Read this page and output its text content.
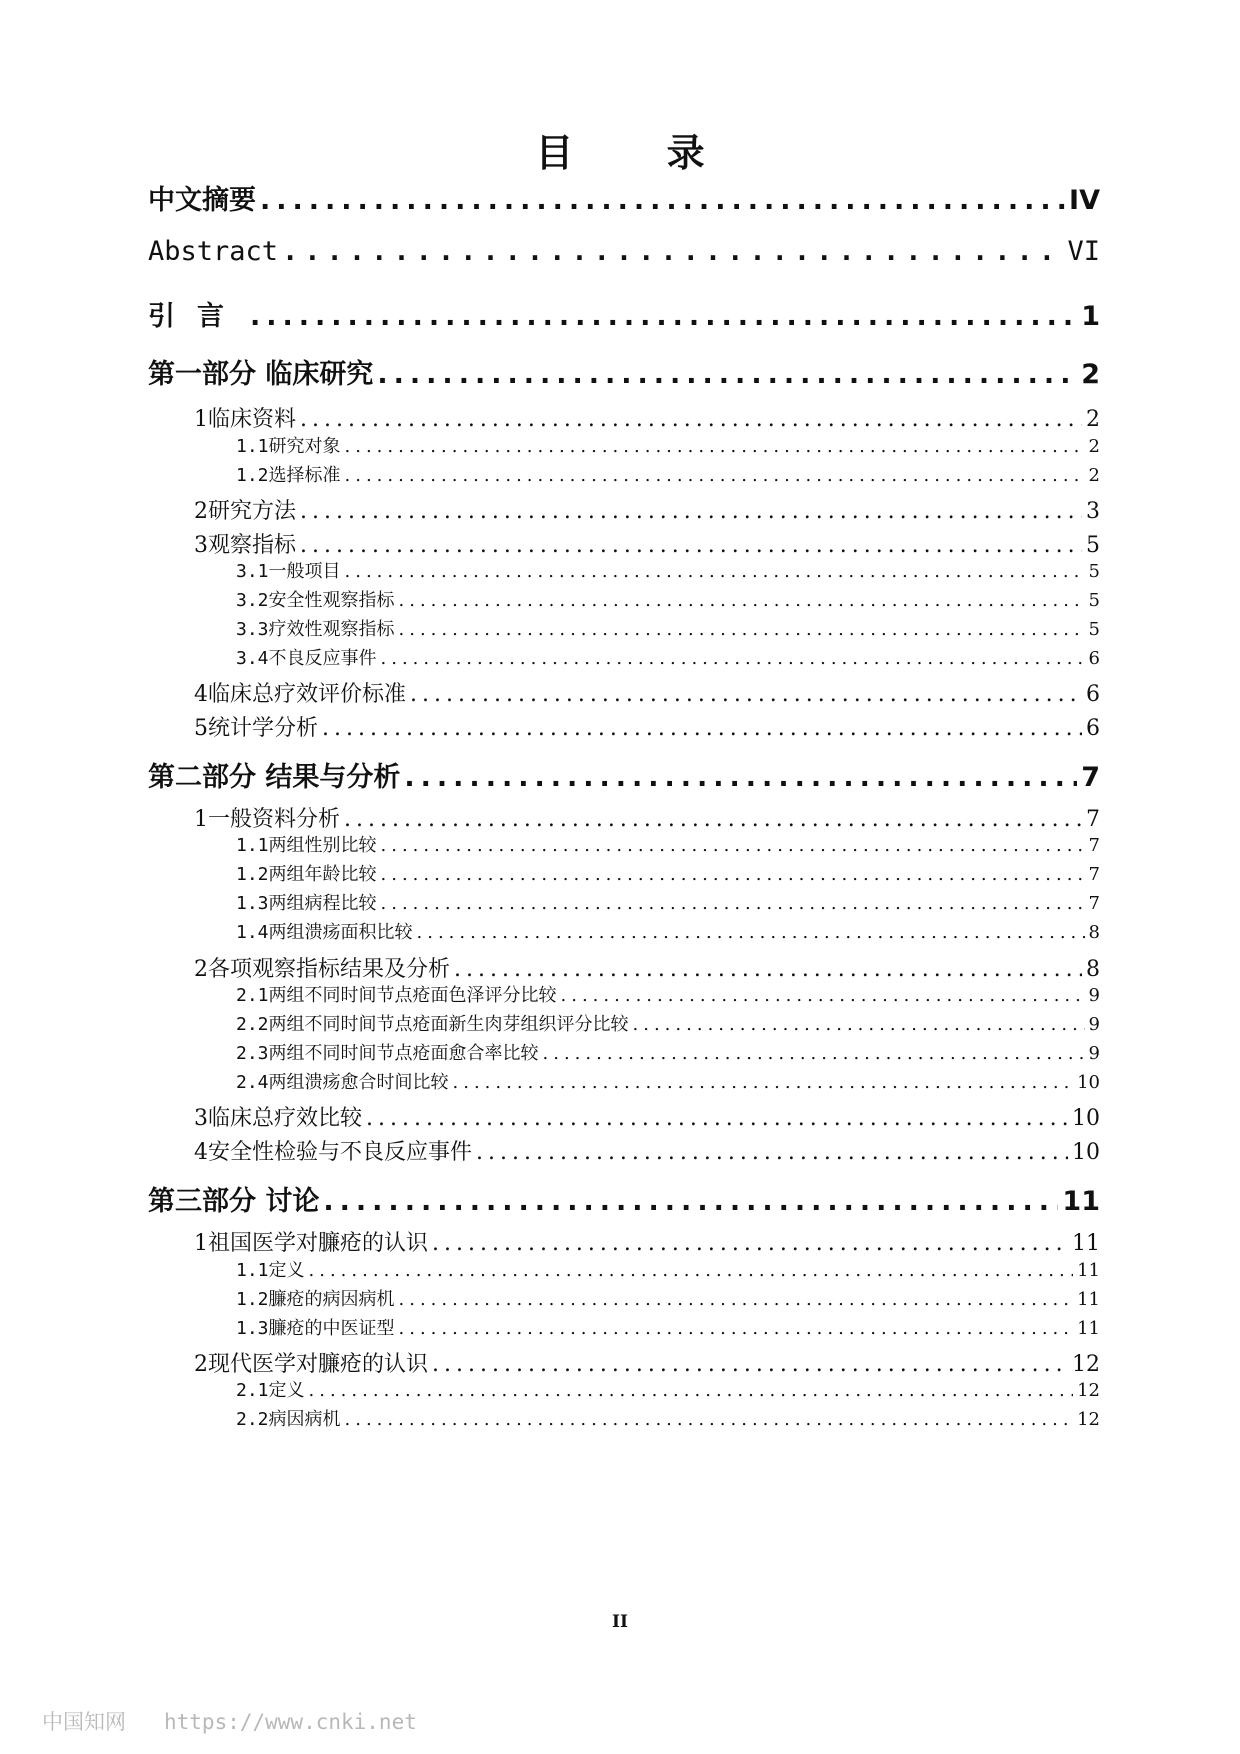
目 录
中文摘要 .....	IV
Abstract .....	VI
引言 .....	1
第一部分 临床研究 .....	2
1 临床资料 .....	2
1.1 研究对象 .....	2
1.2 选择标准 .....	2
2 研究方法 .....	3
3 观察指标 .....	5
3.1 一般项目 .....	5
3.2 安全性观察指标 .....	5
3.3 疗效性观察指标 .....	5
3.4 不良反应事件 .....	6
4 临床总疗效评价标准 .....	6
5 统计学分析 .....	6
第二部分 结果与分析 .....	7
1 一般资料分析 .....	7
1.1 两组性别比较 .....	7
1.2 两组年龄比较 .....	7
1.3 两组病程比较 .....	7
1.4 两组溃疡面积比较 .....	8
2 各项观察指标结果及分析 .....	8
2.1 两组不同时间节点疮面色泽评分比较 .....	9
2.2 两组不同时间节点疮面新生肉芽组织评分比较 .....	9
2.3 两组不同时间节点疮面愈合率比较 .....	9
2.4 两组溃疡愈合时间比较 .....	10
3 临床总疗效比较 .....	10
4 安全性检验与不良反应事件 .....	10
第三部分 讨论 .....	11
1 祖国医学对臁疮的认识 .....	11
1.1 定义 .....	11
1.2 臁疮的病因病机 .....	11
1.3 臁疮的中医证型 .....	11
2 现代医学对臁疮的认识 .....	12
2.1 定义 .....	12
2.2 病因病机 .....	12
II
中国知网 https://www.cnki.net
